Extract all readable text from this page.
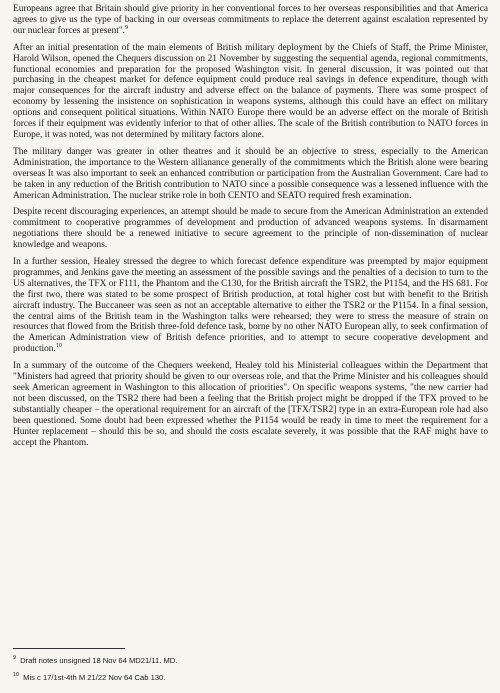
Europeans agree that Britain should give priority in her conventional forces to her overseas responsibilities and that America agrees to give us the type of backing in our overseas commitments to replace the deterrent against escalation represented by our nuclear forces at present".$^9$

After an initial presentation of the main elements of British military deployment by the Chiefs of Staff, the Prime Minister, Harold Wilson, opened the Chequers discussion on 21 November by suggesting the sequential agenda, regional commitments, functional economies and preparation for the proposed Washington visit. In general discussion, it was pointed out that purchasing in the cheapest market for defence equipment could produce real savings in defence expenditure, though with major consequences for the aircraft industry and adverse effect on the balance of payments. There was some prospect of economy by lessening the insistence on sophistication in weapons systems, although this could have an effect on military options and consequent political situations. Within NATO Europe there would be an adverse effect on the morale of British forces if their equipment was evidently inferior to that of other allies. The scale of the British contribution to NATO forces in Europe, it was noted, was not determined by military factors alone.

The military danger was greater in other theatres and it should be an objective to stress, especially to the American Administration, the importance to the Western allianance generally of the commitments which the British alone were bearing overseas It was also important to seek an enhanced contribution or participation from the Australian Government. Care had to be taken in any reduction of the British contribution to NATO since a possible consequence was a lessened influence with the American Administration. The nuclear strike role in both CENTO and SEATO required fresh examination.

Despite recent discouraging experiences, an attempt should be made to secure from the American Administration an extended commitment to cooperative programmes of development and production of advanced weapons systems. In disarmament negotiations there should be a renewed initiative to secure agreement to the principle of non-dissemination of nuclear knowledge and weapons.

In a further session, Healey stressed the degree to which forecast defence expenditure was preempted by major equipment programmes, and Jenkins gave the meeting an assessment of the possible savings and the penalties of a decision to turn to the US alternatives, the TFX or F111, the Phantom and the C130, for the British aircraft the TSR2, the P1154, and the HS 681. For the first two, there was stated to be some prospect of British production, at total higher cost but with benefit to the British aircraft industry. The Buccaneer was seen as not an acceptable alternative to either the TSR2 or the P1154. In a final session, the central aims of the British team in the Washington talks were rehearsed; they were to stress the measure of strain on resources that flowed from the British three-fold defence task, borne by no other NATO European ally, to seek confirmation of the American Administration view of British defence priorities, and to attempt to secure cooperative development and production.$^{10}$

In a summary of the outcome of the Chequers weekend, Healey told his Ministerial colleagues within the Department that "Ministers had agreed that priority should be given to our overseas role, and that the Prime Minister and his colleagues should seek American agreement in Washington to this allocation of priorities". On specific weapons systems, "the new carrier had not been discussed, on the TSR2 there had been a feeling that the British project might be dropped if the TFX proved to be substantially cheaper – the operational requirement for an aircraft of the [TFX/TSR2] type in an extra-European role had also been questioned. Some doubt had been expressed whether the P1154 would be ready in time to meet the requirement for a Hunter replacement – should this be so, and should the costs escalate severely, it was possible that the RAF might have to accept the Phantom.

$^9$ Draft notes unsigned 18 Nov 64 MD21/11. MD.

$^{10}$ Mis c 17/1st-4th M 21/22 Nov 64 Cab 130.
